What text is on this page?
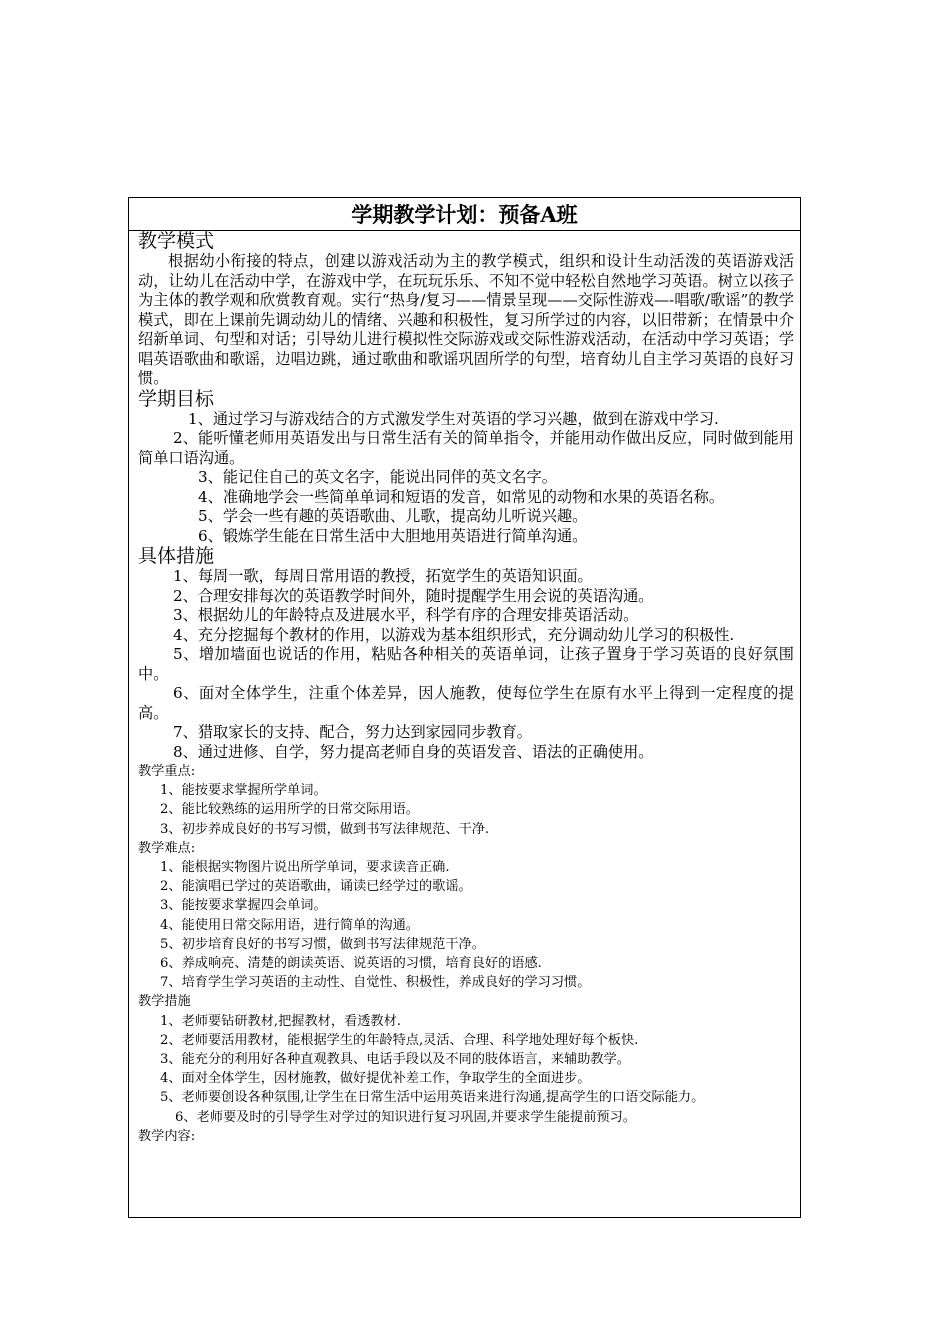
学期教学计划：预备A班

教学模式

根据幼小衔接的特点，创建以游戏活动为主的教学模式，组织和设计生动活泼的英语游戏活动，让幼儿在活动中学，在游戏中学，在玩玩乐乐、不知不觉中轻松自然地学习英语。树立以孩子为主体的教学观和欣赏教育观。实行“热身/复习——情景呈现——交际性游戏—-唱歌/歌谣”的教学模式，即在上课前先调动幼儿的情绪、兴趣和积极性，复习所学过的内容，以旧带新；在情景中介绍新单词、句型和对话；引导幼儿进行模拟性交际游戏或交际性游戏活动，在活动中学习英语；学唱英语歌曲和歌谣，边唱边跳，通过歌曲和歌谣巩固所学的句型，培育幼儿自主学习英语的良好习惯。

学期目标

1、通过学习与游戏结合的方式激发学生对英语的学习兴趣，做到在游戏中学习.

2、能听懂老师用英语发出与日常生活有关的简单指令，并能用动作做出反应，同时做到能用简单口语沟通。

3、能记住自己的英文名字，能说出同伴的英文名字。

4、准确地学会一些简单单词和短语的发音，如常见的动物和水果的英语名称。

5、学会一些有趣的英语歌曲、儿歌，提高幼儿听说兴趣。

6、锻炼学生能在日常生活中大胆地用英语进行简单沟通。

具体措施

1、每周一歌，每周日常用语的教授，拓宽学生的英语知识面。

2、合理安排每次的英语教学时间外，随时提醒学生用会说的英语沟通。

3、根据幼儿的年龄特点及进展水平，科学有序的合理安排英语活动。

4、充分挖掘每个教材的作用，以游戏为基本组织形式，充分调动幼儿学习的积极性.

5、增加墙面也说话的作用，粘贴各种相关的英语单词，让孩子置身于学习英语的良好氛围中。

6、面对全体学生，注重个体差异，因人施教，使每位学生在原有水平上得到一定程度的提高。

7、猎取家长的支持、配合，努力达到家园同步教育。

8、通过进修、自学，努力提高老师自身的英语发音、语法的正确使用。

教学重点:

1、能按要求掌握所学单词。

2、能比较熟练的运用所学的日常交际用语。

3、初步养成良好的书写习惯，做到书写法律规范、干净.

教学难点:

1、能根据实物图片说出所学单词，要求读音正确.

2、能演唱已学过的英语歌曲，诵读已经学过的歌谣。

3、能按要求掌握四会单词。

4、能使用日常交际用语，进行简单的沟通。

5、初步培育良好的书写习惯，做到书写法律规范干净。

6、养成响亮、清楚的朗读英语、说英语的习惯，培育良好的语感.

7、培育学生学习英语的主动性、自觉性、积极性，养成良好的学习习惯。

教学措施

1、老师要钻研教材,把握教材，看透教材.

2、老师要活用教材，能根据学生的年龄特点,灵活、合理、科学地处理好每个板快.

3、能充分的利用好各种直观教具、电话手段以及不同的肢体语言，来辅助教学。

4、面对全体学生，因材施教，做好提优补差工作，争取学生的全面进步。

5、老师要创设各种氛围,让学生在日常生活中运用英语来进行沟通,提高学生的口语交际能力。

6、老师要及时的引导学生对学过的知识进行复习巩固,并要求学生能提前预习。

教学内容:
